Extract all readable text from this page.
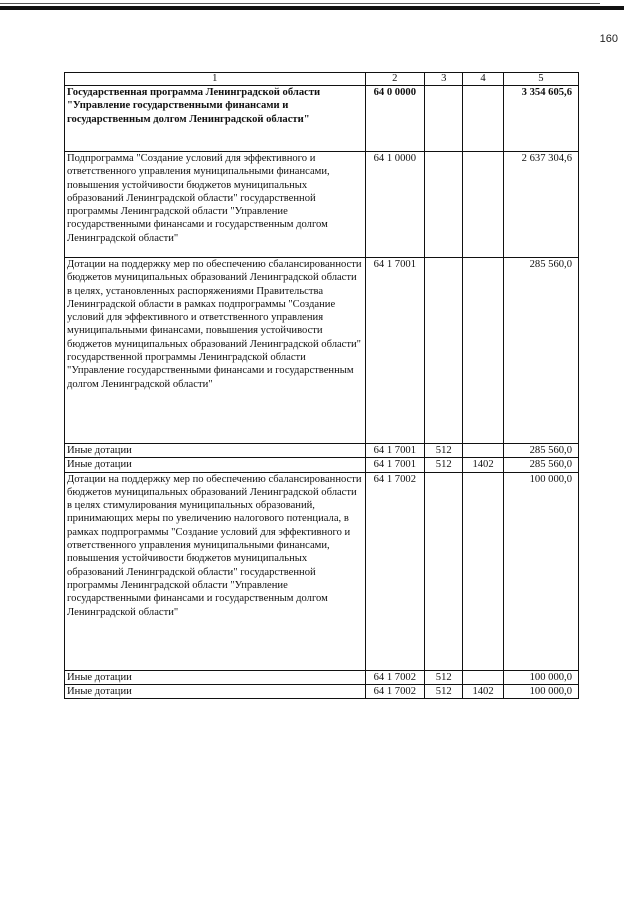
160
1	2	3	4	5
Государственная программа Ленинградской области "Управление государственными финансами и государственным долгом Ленинградской области"	64 0 0000			3 354 605,6
Подпрограмма "Создание условий для эффективного и ответственного управления муниципальными финансами, повышения устойчивости бюджетов муниципальных образований Ленинградской области" государственной программы Ленинградской области "Управление государственными финансами и государственным долгом Ленинградской области"	64 1 0000			2 637 304,6
Дотации на поддержку мер по обеспечению сбалансированности бюджетов муниципальных образований Ленинградской области в целях, установленных распоряжениями Правительства Ленинградской области в рамках подпрограммы "Создание условий для эффективного и ответственного управления муниципальными финансами, повышения устойчивости бюджетов муниципальных образований Ленинградской области" государственной программы Ленинградской области "Управление государственными финансами и государственным долгом Ленинградской области"	64 1 7001			285 560,0
Иные дотации	64 1 7001	512		285 560,0
Иные дотации	64 1 7001	512	1402	285 560,0
Дотации на поддержку мер по обеспечению сбалансированности бюджетов муниципальных образований Ленинградской области в целях стимулирования муниципальных образований, принимающих меры по увеличению налогового потенциала, в рамках подпрограммы "Создание условий для эффективного и ответственного управления муниципальными финансами, повышения устойчивости бюджетов муниципальных образований Ленинградской области" государственной программы Ленинградской области "Управление государственными финансами и государственным долгом Ленинградской области"	64 1 7002			100 000,0
Иные дотации	64 1 7002	512		100 000,0
Иные дотации	64 1 7002	512	1402	100 000,0
